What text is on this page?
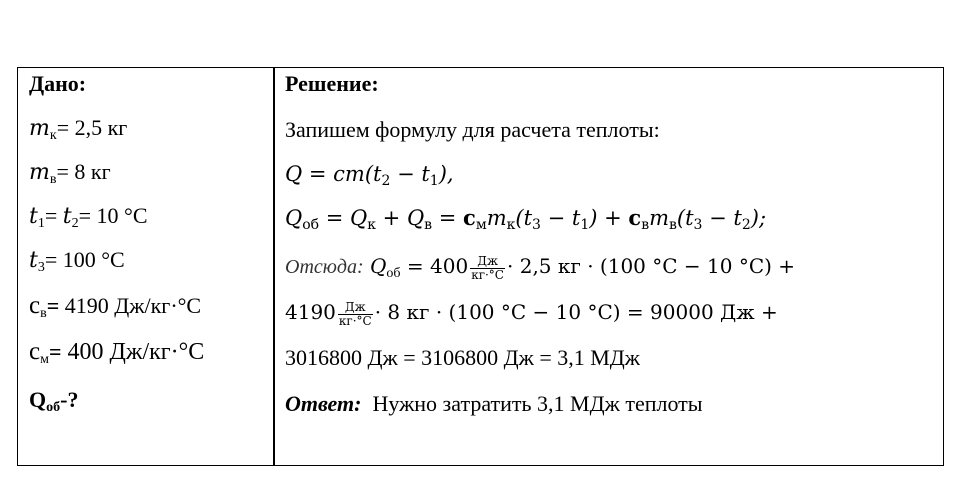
Дано:
$m_к= 2,5$ кг
$m_в= 8$ кг
$t_1= t_2= 10$ °С
$t_3= 100$ °С
$с_в= 4190$ Дж/кг·°С
$с_м= 400$ Дж/кг·°С
$Q_{об}-$?
Решение:
Запишем формулу для расчета теплоты:
$Q = cm(t_2 - t_1)$,
$Q_{об} = Q_к + Q_в = с_мm_к(t_3 - t_1) + с_вm_в(t_3 - t_2)$;
Отсюда: $Q_{об} = 400 \frac{Дж}{кг\cdot^\circ С} \cdot 2,5$ кг · (100 °С − 10 °С) +
$4190 \frac{Дж}{кг\cdot^\circ С} \cdot 8$ кг · (100 °С − 10 °С) = 90000 Дж +
3016800 Дж = 3106800 Дж = 3,1 МДж
Ответ:  Нужно затратить 3,1 МДж теплоты
